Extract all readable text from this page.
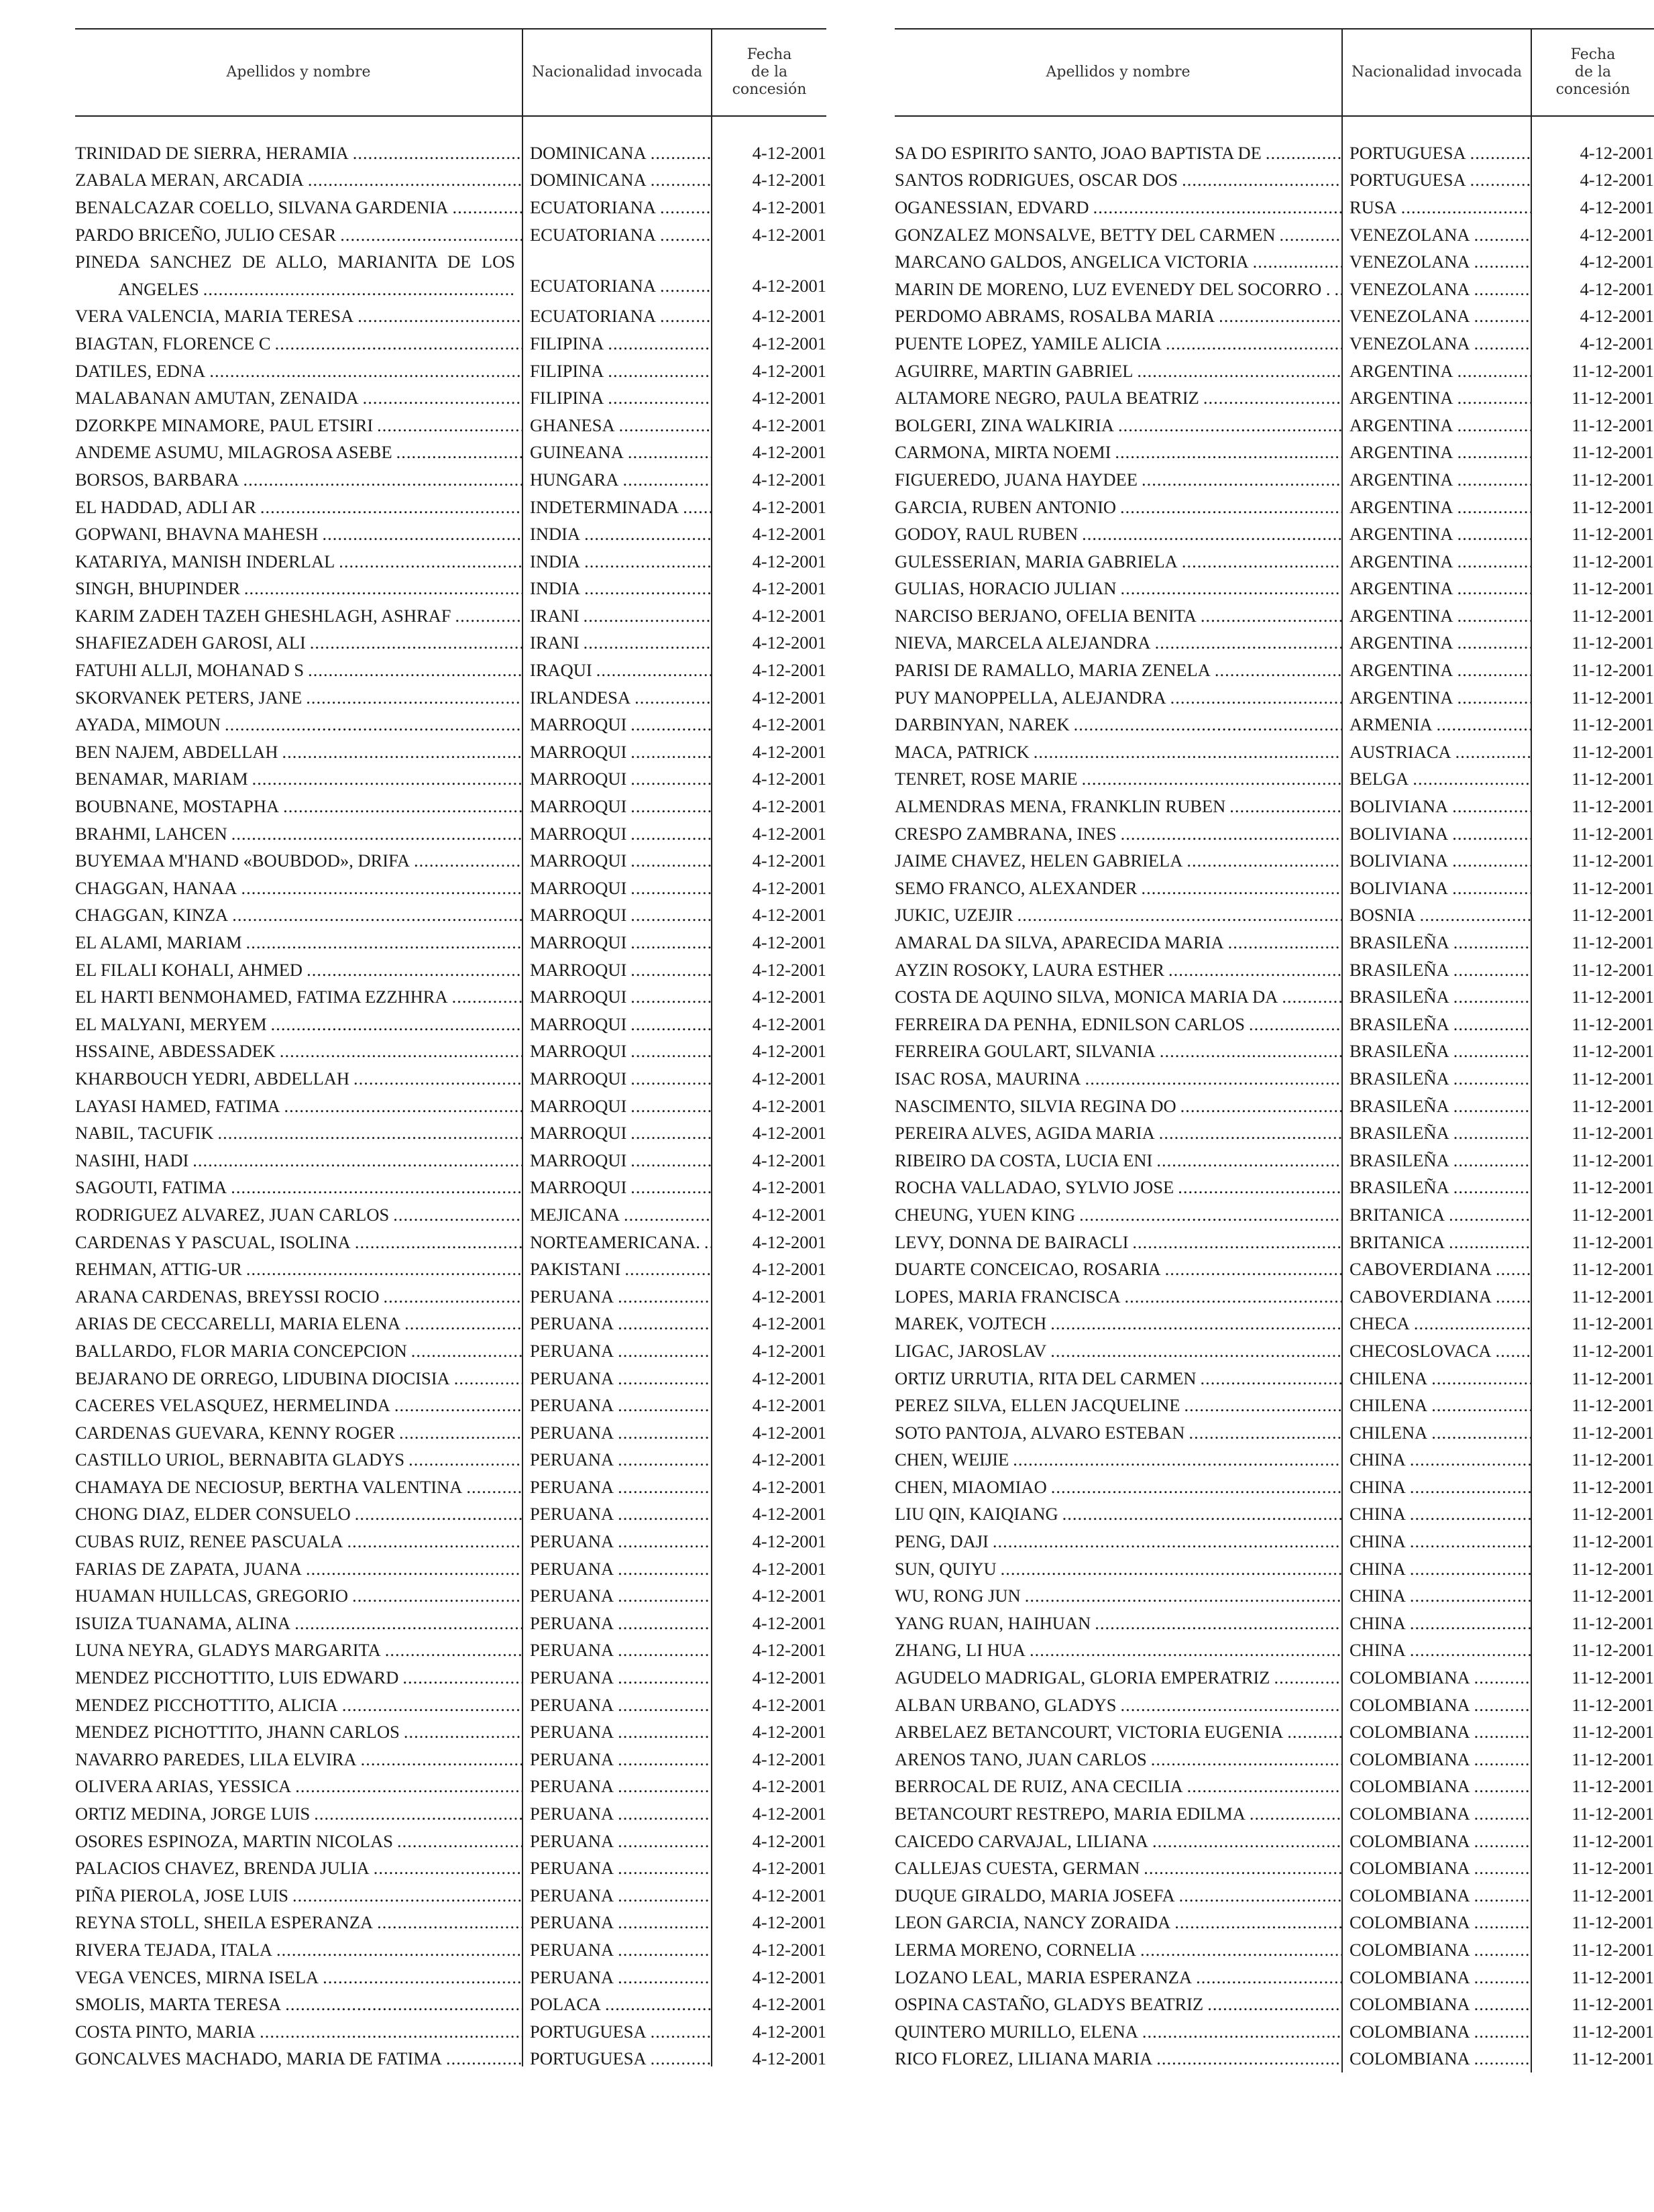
Apellidos y nombre	Nacionalidad invocada
Fecha
de la
concesión
TRINIDAD DE SIERRA, HERAMIA .....	DOMINICANA .....	4-12-2001
ZABALA MERAN, ARCADIA .....	DOMINICANA .....	4-12-2001
BENALCAZAR COELLO, SILVANA GARDENIA .....	ECUATORIANA .....	4-12-2001
PARDO BRICEÑO, JULIO CESAR .....	ECUATORIANA .....	4-12-2001
PINEDA SANCHEZ DE ALLO, MARIANITA DE LOS
ANGELES .....	ECUATORIANA .....	4-12-2001
VERA VALENCIA, MARIA TERESA .....	ECUATORIANA .....	4-12-2001
BIAGTAN, FLORENCE C .....	FILIPINA .....	4-12-2001
DATILES, EDNA .....	FILIPINA .....	4-12-2001
MALABANAN AMUTAN, ZENAIDA .....	FILIPINA .....	4-12-2001
DZORKPE MINAMORE, PAUL ETSIRI .....	GHANESA .....	4-12-2001
ANDEME ASUMU, MILAGROSA ASEBE .....	GUINEANA .....	4-12-2001
BORSOS, BARBARA .....	HUNGARA .....	4-12-2001
EL HADDAD, ADLI AR .....	INDETERMINADA .....	4-12-2001
GOPWANI, BHAVNA MAHESH .....	INDIA .....	4-12-2001
KATARIYA, MANISH INDERLAL .....	INDIA .....	4-12-2001
SINGH, BHUPINDER .....	INDIA .....	4-12-2001
KARIM ZADEH TAZEH GHESHLAGH, ASHRAF .....	IRANI .....	4-12-2001
SHAFIEZADEH GAROSI, ALI .....	IRANI .....	4-12-2001
FATUHI ALLJI, MOHANAD S .....	IRAQUI .....	4-12-2001
SKORVANEK PETERS, JANE .....	IRLANDESA .....	4-12-2001
AYADA, MIMOUN .....	MARROQUI .....	4-12-2001
BEN NAJEM, ABDELLAH .....	MARROQUI .....	4-12-2001
BENAMAR, MARIAM .....	MARROQUI .....	4-12-2001
BOUBNANE, MOSTAPHA .....	MARROQUI .....	4-12-2001
BRAHMI, LAHCEN .....	MARROQUI .....	4-12-2001
BUYEMAA M'HAND «BOUBDOD», DRIFA .....	MARROQUI .....	4-12-2001
CHAGGAN, HANAA .....	MARROQUI .....	4-12-2001
CHAGGAN, KINZA .....	MARROQUI .....	4-12-2001
EL ALAMI, MARIAM .....	MARROQUI .....	4-12-2001
EL FILALI KOHALI, AHMED .....	MARROQUI .....	4-12-2001
EL HARTI BENMOHAMED, FATIMA EZZHHRA .....	MARROQUI .....	4-12-2001
EL MALYANI, MERYEM .....	MARROQUI .....	4-12-2001
HSSAINE, ABDESSADEK .....	MARROQUI .....	4-12-2001
KHARBOUCH YEDRI, ABDELLAH .....	MARROQUI .....	4-12-2001
LAYASI HAMED, FATIMA .....	MARROQUI .....	4-12-2001
NABIL, TACUFIK .....	MARROQUI .....	4-12-2001
NASIHI, HADI .....	MARROQUI .....	4-12-2001
SAGOUTI, FATIMA .....	MARROQUI .....	4-12-2001
RODRIGUEZ ALVAREZ, JUAN CARLOS .....	MEJICANA .....	4-12-2001
CARDENAS Y PASCUAL, ISOLINA .....	NORTEAMERICANA. .....	4-12-2001
REHMAN, ATTIG-UR .....	PAKISTANI .....	4-12-2001
ARANA CARDENAS, BREYSSI ROCIO .....	PERUANA .....	4-12-2001
ARIAS DE CECCARELLI, MARIA ELENA .....	PERUANA .....	4-12-2001
BALLARDO, FLOR MARIA CONCEPCION .....	PERUANA .....	4-12-2001
BEJARANO DE ORREGO, LIDUBINA DIOCISIA .....	PERUANA .....	4-12-2001
CACERES VELASQUEZ, HERMELINDA .....	PERUANA .....	4-12-2001
CARDENAS GUEVARA, KENNY ROGER .....	PERUANA .....	4-12-2001
CASTILLO URIOL, BERNABITA GLADYS .....	PERUANA .....	4-12-2001
CHAMAYA DE NECIOSUP, BERTHA VALENTINA .....	PERUANA .....	4-12-2001
CHONG DIAZ, ELDER CONSUELO .....	PERUANA .....	4-12-2001
CUBAS RUIZ, RENEE PASCUALA .....	PERUANA .....	4-12-2001
FARIAS DE ZAPATA, JUANA .....	PERUANA .....	4-12-2001
HUAMAN HUILLCAS, GREGORIO .....	PERUANA .....	4-12-2001
ISUIZA TUANAMA, ALINA .....	PERUANA .....	4-12-2001
LUNA NEYRA, GLADYS MARGARITA .....	PERUANA .....	4-12-2001
MENDEZ PICCHOTTITO, LUIS EDWARD .....	PERUANA .....	4-12-2001
MENDEZ PICCHOTTITO, ALICIA .....	PERUANA .....	4-12-2001
MENDEZ PICHOTTITO, JHANN CARLOS .....	PERUANA .....	4-12-2001
NAVARRO PAREDES, LILA ELVIRA .....	PERUANA .....	4-12-2001
OLIVERA ARIAS, YESSICA .....	PERUANA .....	4-12-2001
ORTIZ MEDINA, JORGE LUIS .....	PERUANA .....	4-12-2001
OSORES ESPINOZA, MARTIN NICOLAS .....	PERUANA .....	4-12-2001
PALACIOS CHAVEZ, BRENDA JULIA .....	PERUANA .....	4-12-2001
PIÑA PIEROLA, JOSE LUIS .....	PERUANA .....	4-12-2001
REYNA STOLL, SHEILA ESPERANZA .....	PERUANA .....	4-12-2001
RIVERA TEJADA, ITALA .....	PERUANA .....	4-12-2001
VEGA VENCES, MIRNA ISELA .....	PERUANA .....	4-12-2001
SMOLIS, MARTA TERESA .....	POLACA .....	4-12-2001
COSTA PINTO, MARIA .....	PORTUGUESA .....	4-12-2001
GONCALVES MACHADO, MARIA DE FATIMA .....	PORTUGUESA .....	4-12-2001
Apellidos y nombre	Nacionalidad invocada
Fecha
de la
concesión
SA DO ESPIRITO SANTO, JOAO BAPTISTA DE .....	PORTUGUESA .....	4-12-2001
SANTOS RODRIGUES, OSCAR DOS .....	PORTUGUESA .....	4-12-2001
OGANESSIAN, EDVARD .....	RUSA .....	4-12-2001
GONZALEZ MONSALVE, BETTY DEL CARMEN .....	VENEZOLANA .....	4-12-2001
MARCANO GALDOS, ANGELICA VICTORIA .....	VENEZOLANA .....	4-12-2001
MARIN DE MORENO, LUZ EVENEDY DEL SOCORRO . ..... VENEZOLANA .....	4-12-2001
PERDOMO ABRAMS, ROSALBA MARIA .....	VENEZOLANA .....	4-12-2001
PUENTE LOPEZ, YAMILE ALICIA .....	VENEZOLANA .....	4-12-2001
AGUIRRE, MARTIN GABRIEL .....	ARGENTINA .....	11-12-2001
ALTAMORE NEGRO, PAULA BEATRIZ .....	ARGENTINA .....	11-12-2001
BOLGERI, ZINA WALKIRIA .....	ARGENTINA .....	11-12-2001
CARMONA, MIRTA NOEMI .....	ARGENTINA .....	11-12-2001
FIGUEREDO, JUANA HAYDEE .....	ARGENTINA .....	11-12-2001
GARCIA, RUBEN ANTONIO .....	ARGENTINA .....	11-12-2001
GODOY, RAUL RUBEN .....	ARGENTINA .....	11-12-2001
GULESSERIAN, MARIA GABRIELA .....	ARGENTINA .....	11-12-2001
GULIAS, HORACIO JULIAN .....	ARGENTINA .....	11-12-2001
NARCISO BERJANO, OFELIA BENITA .....	ARGENTINA .....	11-12-2001
NIEVA, MARCELA ALEJANDRA .....	ARGENTINA .....	11-12-2001
PARISI DE RAMALLO, MARIA ZENELA .....	ARGENTINA .....	11-12-2001
PUY MANOPPELLA, ALEJANDRA .....	ARGENTINA .....	11-12-2001
DARBINYAN, NAREK .....	ARMENIA .....	11-12-2001
MACA, PATRICK .....	AUSTRIACA .....	11-12-2001
TENRET, ROSE MARIE .....	BELGA .....	11-12-2001
ALMENDRAS MENA, FRANKLIN RUBEN .....	BOLIVIANA .....	11-12-2001
CRESPO ZAMBRANA, INES .....	BOLIVIANA .....	11-12-2001
JAIME CHAVEZ, HELEN GABRIELA .....	BOLIVIANA .....	11-12-2001
SEMO FRANCO, ALEXANDER .....	BOLIVIANA .....	11-12-2001
JUKIC, UZEJIR .....	BOSNIA .....	11-12-2001
AMARAL DA SILVA, APARECIDA MARIA .....	BRASILEÑA .....	11-12-2001
AYZIN ROSOKY, LAURA ESTHER .....	BRASILEÑA .....	11-12-2001
COSTA DE AQUINO SILVA, MONICA MARIA DA .....	BRASILEÑA .....	11-12-2001
FERREIRA DA PENHA, EDNILSON CARLOS .....	BRASILEÑA .....	11-12-2001
FERREIRA GOULART, SILVANIA .....	BRASILEÑA .....	11-12-2001
ISAC ROSA, MAURINA .....	BRASILEÑA .....	11-12-2001
NASCIMENTO, SILVIA REGINA DO .....	BRASILEÑA .....	11-12-2001
PEREIRA ALVES, AGIDA MARIA .....	BRASILEÑA .....	11-12-2001
RIBEIRO DA COSTA, LUCIA ENI .....	BRASILEÑA .....	11-12-2001
ROCHA VALLADAO, SYLVIO JOSE .....	BRASILEÑA .....	11-12-2001
CHEUNG, YUEN KING .....	BRITANICA .....	11-12-2001
LEVY, DONNA DE BAIRACLI .....	BRITANICA .....	11-12-2001
DUARTE CONCEICAO, ROSARIA .....	CABOVERDIANA .....	11-12-2001
LOPES, MARIA FRANCISCA .....	CABOVERDIANA .....	11-12-2001
MAREK, VOJTECH .....	CHECA .....	11-12-2001
LIGAC, JAROSLAV .....	CHECOSLOVACA .....	11-12-2001
ORTIZ URRUTIA, RITA DEL CARMEN .....	CHILENA .....	11-12-2001
PEREZ SILVA, ELLEN JACQUELINE .....	CHILENA .....	11-12-2001
SOTO PANTOJA, ALVARO ESTEBAN .....	CHILENA .....	11-12-2001
CHEN, WEIJIE .....	CHINA .....	11-12-2001
CHEN, MIAOMIAO .....	CHINA .....	11-12-2001
LIU QIN, KAIQIANG .....	CHINA .....	11-12-2001
PENG, DAJI .....	CHINA .....	11-12-2001
SUN, QUIYU .....	CHINA .....	11-12-2001
WU, RONG JUN .....	CHINA .....	11-12-2001
YANG RUAN, HAIHUAN .....	CHINA .....	11-12-2001
ZHANG, LI HUA .....	CHINA .....	11-12-2001
AGUDELO MADRIGAL, GLORIA EMPERATRIZ .....	COLOMBIANA .....	11-12-2001
ALBAN URBANO, GLADYS .....	COLOMBIANA .....	11-12-2001
ARBELAEZ BETANCOURT, VICTORIA EUGENIA .....	COLOMBIANA .....	11-12-2001
ARENOS TANO, JUAN CARLOS .....	COLOMBIANA .....	11-12-2001
BERROCAL DE RUIZ, ANA CECILIA .....	COLOMBIANA .....	11-12-2001
BETANCOURT RESTREPO, MARIA EDILMA .....	COLOMBIANA .....	11-12-2001
CAICEDO CARVAJAL, LILIANA .....	COLOMBIANA .....	11-12-2001
CALLEJAS CUESTA, GERMAN .....	COLOMBIANA .....	11-12-2001
DUQUE GIRALDO, MARIA JOSEFA .....	COLOMBIANA .....	11-12-2001
LEON GARCIA, NANCY ZORAIDA .....	COLOMBIANA .....	11-12-2001
LERMA MORENO, CORNELIA .....	COLOMBIANA .....	11-12-2001
LOZANO LEAL, MARIA ESPERANZA .....	COLOMBIANA .....	11-12-2001
OSPINA CASTAÑO, GLADYS BEATRIZ .....	COLOMBIANA .....	11-12-2001
QUINTERO MURILLO, ELENA .....	COLOMBIANA .....	11-12-2001
RICO FLOREZ, LILIANA MARIA .....	COLOMBIANA .....	11-12-2001
